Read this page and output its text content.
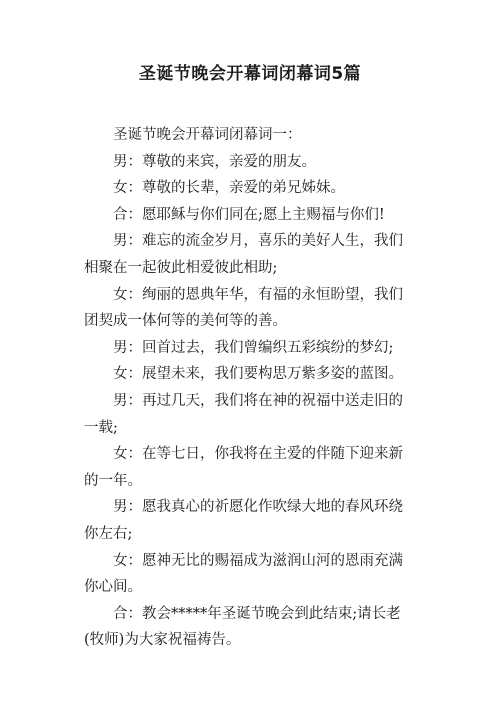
圣诞节晚会开幕词闭幕词5篇

圣诞节晚会开幕词闭幕词一：

男：尊敬的来宾，亲爱的朋友。

女：尊敬的长辈，亲爱的弟兄姊妹。

合：愿耶稣与你们同在;愿上主赐福与你们!

男：难忘的流金岁月，喜乐的美好人生，我们
相聚在一起彼此相爱彼此相助;

女：绚丽的恩典年华，有福的永恒盼望，我们
团契成一体何等的美何等的善。

男：回首过去，我们曾编织五彩缤纷的梦幻;

女：展望未来，我们要构思万紫多姿的蓝图。

男：再过几天，我们将在神的祝福中送走旧的
一载;

女：在等七日，你我将在主爱的伴随下迎来新
的一年。

男：愿我真心的祈愿化作吹绿大地的春风环绕
你左右;

女：愿神无比的赐福成为滋润山河的恩雨充满
你心间。

合：教会*****年圣诞节晚会到此结束;请长老
(牧师)为大家祝福祷告。
